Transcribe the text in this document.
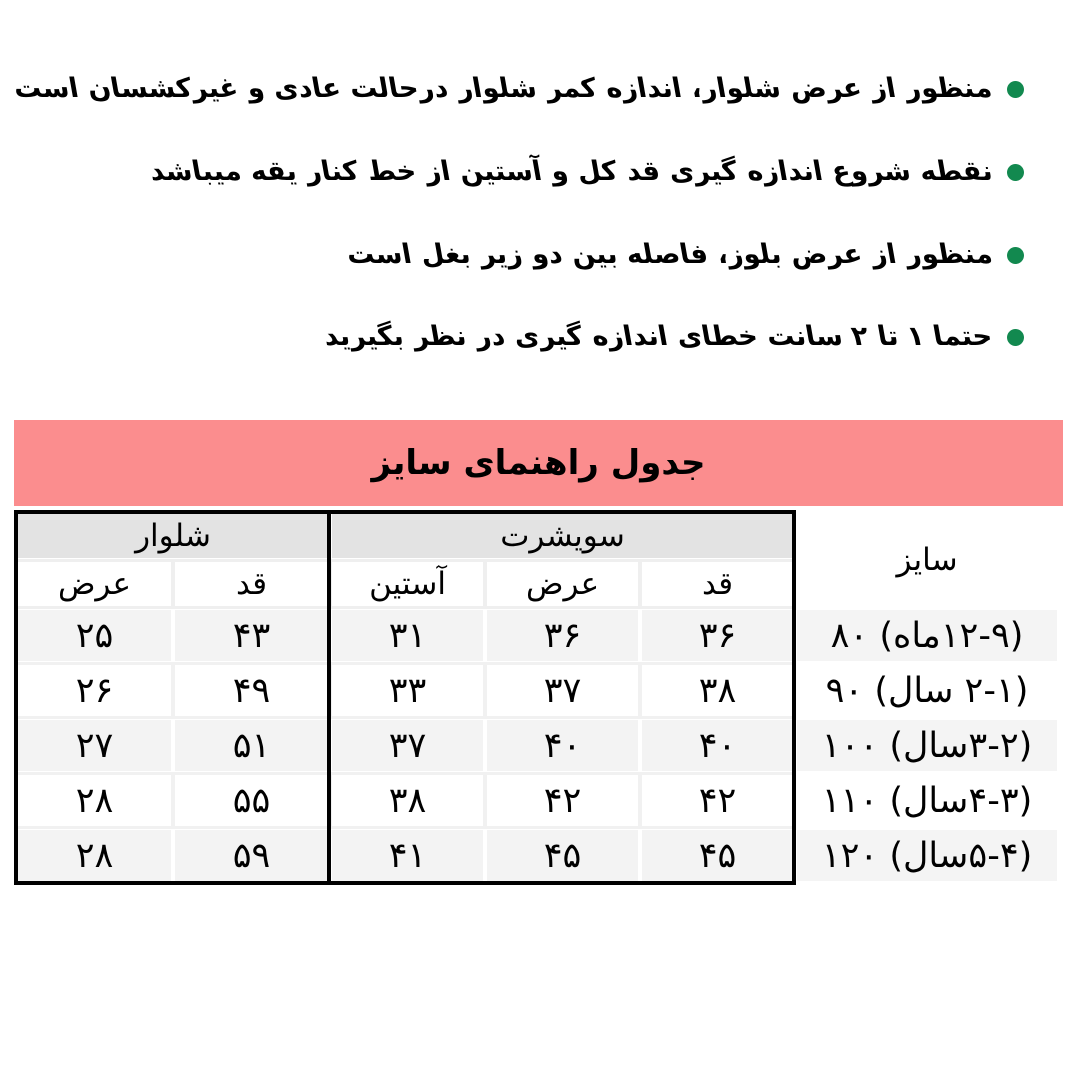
منظور از عرض شلوار، اندازه کمر شلوار درحالت عادی و غیرکشسان است
نقطه شروع اندازه گیری قد کل و آستین از خط کنار یقه میباشد
منظور از عرض بلوز، فاصله بین دو زیر بغل است
حتما ۱ تا ۲ سانت خطای اندازه گیری در نظر بگیرید
جدول راهنمای سایز
سایز	سویشرت			شلوار	
	قد	عرض	آستین	قد	عرض
(۱۲-۹ماه) ۸۰	۳۶	۳۶	۳۱	۴۳	۲۵
(۲-۱ سال) ۹۰	۳۸	۳۷	۳۳	۴۹	۲۶
(۳-۲سال) ۱۰۰	۴۰	۴۰	۳۷	۵۱	۲۷
(۴-۳سال) ۱۱۰	۴۲	۴۲	۳۸	۵۵	۲۸
(۵-۴سال) ۱۲۰	۴۵	۴۵	۴۱	۵۹	۲۸
